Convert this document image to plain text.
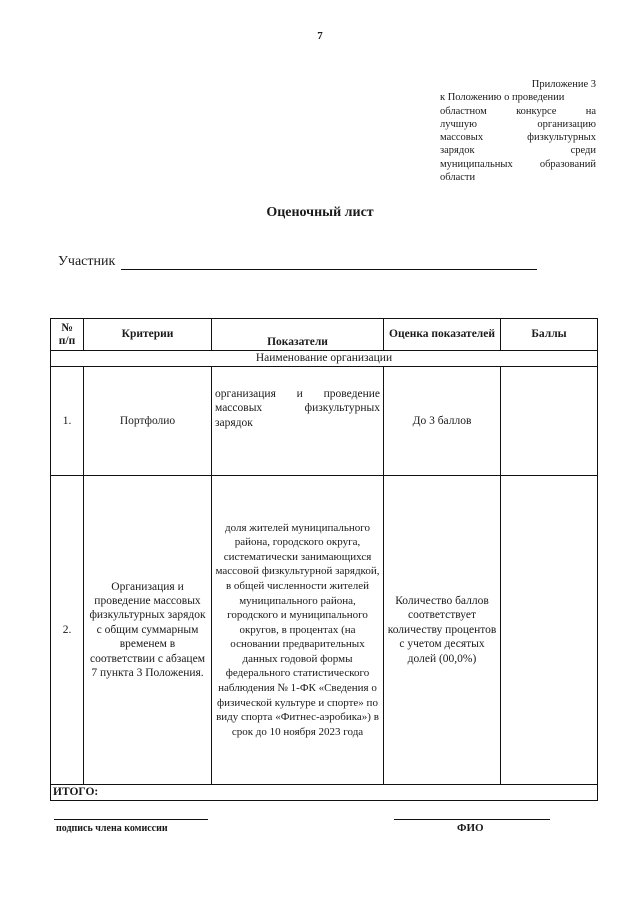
7
Приложение 3
к Положению о проведении
областном конкурсе на
лучшую организацию
массовых физкультурных
зарядок среди
муниципальных образований
области
Оценочный лист
Участник
№
п/п	Критерии	Показатели	Оценка показателей	Баллы
Наименование организации				
1.	Портфолио	организация и проведение массовых физкультурных зарядок	До 3 баллов	
2.	Организация и проведение массовых физкультурных зарядок с общим суммарным временем в соответствии с абзацем 7 пункта 3 Положения.	доля жителей муниципального района, городского округа, систематически занимающихся массовой физкультурной зарядкой, в общей численности жителей муниципального района, городского и муниципального округов, в процентах (на основании предварительных данных годовой формы федерального статистического наблюдения № 1-ФК «Сведения о физической культуре и спорте» по виду спорта «Фитнес-аэробика») в срок до 10 ноября 2023 года	Количество баллов соответствует количеству процентов с учетом десятых долей (00,0%)	
ИТОГО:				
подпись члена комиссии	ФИО
